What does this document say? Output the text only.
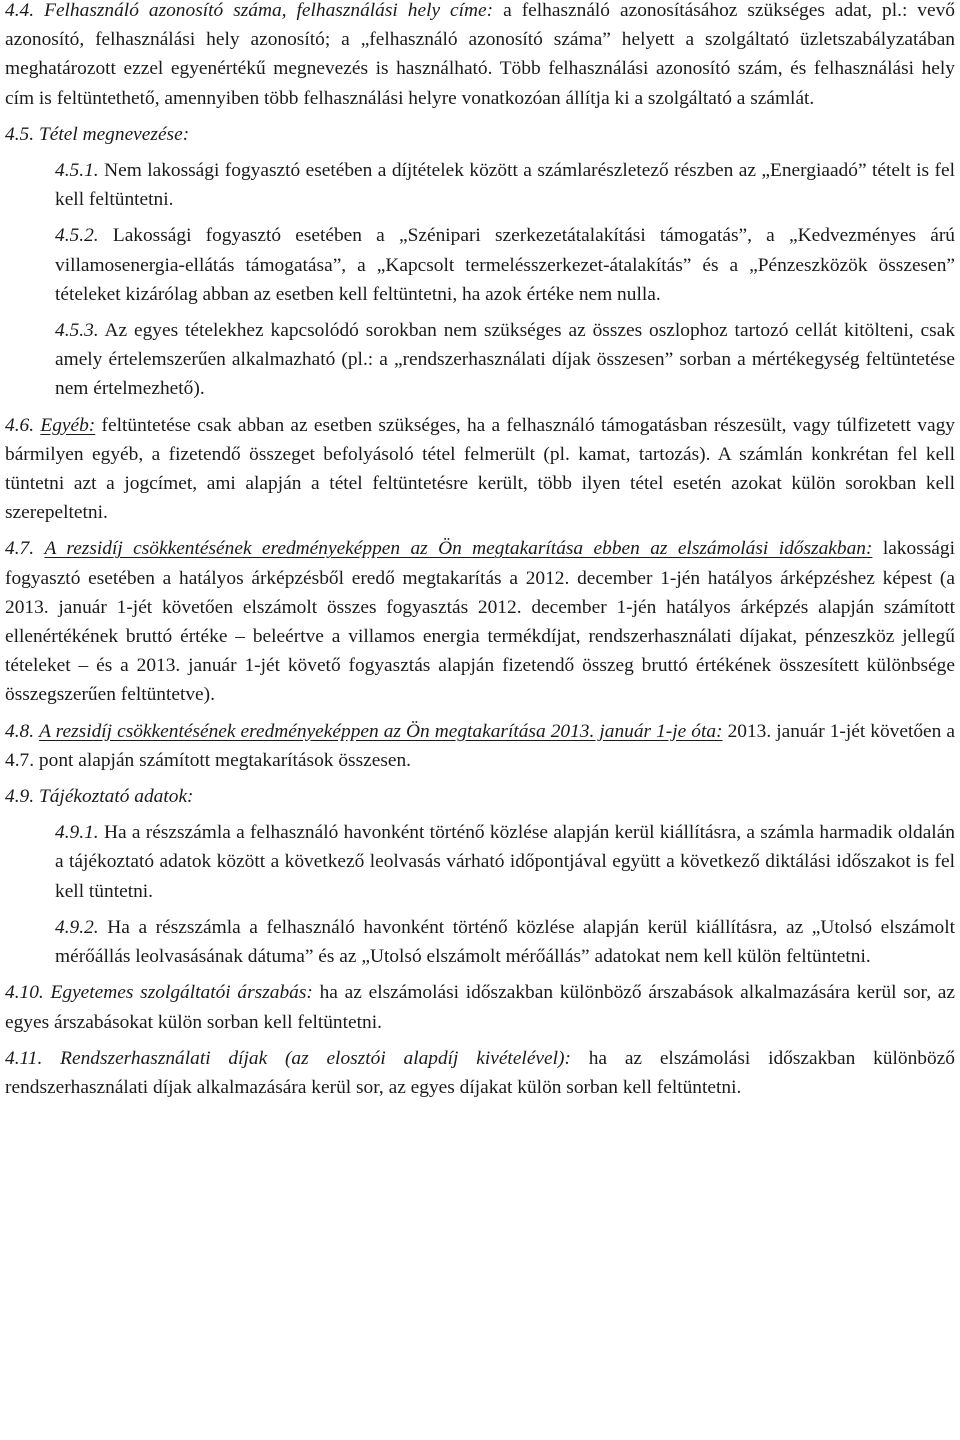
4.4. Felhasználó azonosító száma, felhasználási hely címe: a felhasználó azonosításához szükséges adat, pl.: vevő azonosító, felhasználási hely azonosító; a „felhasználó azonosító száma” helyett a szolgáltató üzletszabályzatában meghatározott ezzel egyenértékű megnevezés is használható. Több felhasználási azonosító szám, és felhasználási hely cím is feltüntethető, amennyiben több felhasználási helyre vonatkozóan állítja ki a szolgáltató a számlát.

4.5. Tétel megnevezése:

4.5.1. Nem lakossági fogyasztó esetében a díjtételek között a számlarészletező részben az „Energiaadó” tételt is fel kell feltüntetni.

4.5.2. Lakossági fogyasztó esetében a „Szénipari szerkezetátalakítási támogatás”, a „Kedvezményes árú villamosenergia-ellátás támogatása”, a „Kapcsolt termelésszerkezet-átalakítás” és a „Pénzeszközök összesen” tételeket kizárólag abban az esetben kell feltüntetni, ha azok értéke nem nulla.

4.5.3. Az egyes tételekhez kapcsolódó sorokban nem szükséges az összes oszlophoz tartozó cellát kitölteni, csak amely értelemszerűen alkalmazható (pl.: a „rendszerhasználati díjak összesen” sorban a mértékegység feltüntetése nem értelmezhető).

4.6. Egyéb: feltüntetése csak abban az esetben szükséges, ha a felhasználó támogatásban részesült, vagy túlfizetett vagy bármilyen egyéb, a fizetendő összeget befolyásoló tétel felmerült (pl. kamat, tartozás). A számlán konkrétan fel kell tüntetni azt a jogcímet, ami alapján a tétel feltüntetésre került, több ilyen tétel esetén azokat külön sorokban kell szerepeltetni.

4.7. A rezsidíj csökkentésének eredményeképpen az Ön megtakarítása ebben az elszámolási időszakban: lakossági fogyasztó esetében a hatályos árképzésből eredő megtakarítás a 2012. december 1-jén hatályos árképzéshez képest (a 2013. január 1-jét követően elszámolt összes fogyasztás 2012. december 1-jén hatályos árképzés alapján számított ellenértékének bruttó értéke – beleértve a villamos energia termékdíjat, rendszerhasználati díjakat, pénzeszköz jellegű tételeket – és a 2013. január 1-jét követő fogyasztás alapján fizetendő összeg bruttó értékének összesített különbsége összegszerűen feltüntetve).

4.8. A rezsidíj csökkentésének eredményeképpen az Ön megtakarítása 2013. január 1-je óta: 2013. január 1-jét követően a 4.7. pont alapján számított megtakarítások összesen.

4.9. Tájékoztató adatok:

4.9.1. Ha a részszámla a felhasználó havonként történő közlése alapján kerül kiállításra, a számla harmadik oldalán a tájékoztató adatok között a következő leolvasás várható időpontjával együtt a következő diktálási időszakot is fel kell tüntetni.

4.9.2. Ha a részszámla a felhasználó havonként történő közlése alapján kerül kiállításra, az „Utolsó elszámolt mérőállás leolvasásának dátuma” és az „Utolsó elszámolt mérőállás” adatokat nem kell külön feltüntetni.

4.10. Egyetemes szolgáltatói árszabás: ha az elszámolási időszakban különböző árszabások alkalmazására kerül sor, az egyes árszabásokat külön sorban kell feltüntetni.

4.11. Rendszerhasználati díjak (az elosztói alapdíj kivételével): ha az elszámolási időszakban különböző rendszerhasználati díjak alkalmazására kerül sor, az egyes díjakat külön sorban kell feltüntetni.
